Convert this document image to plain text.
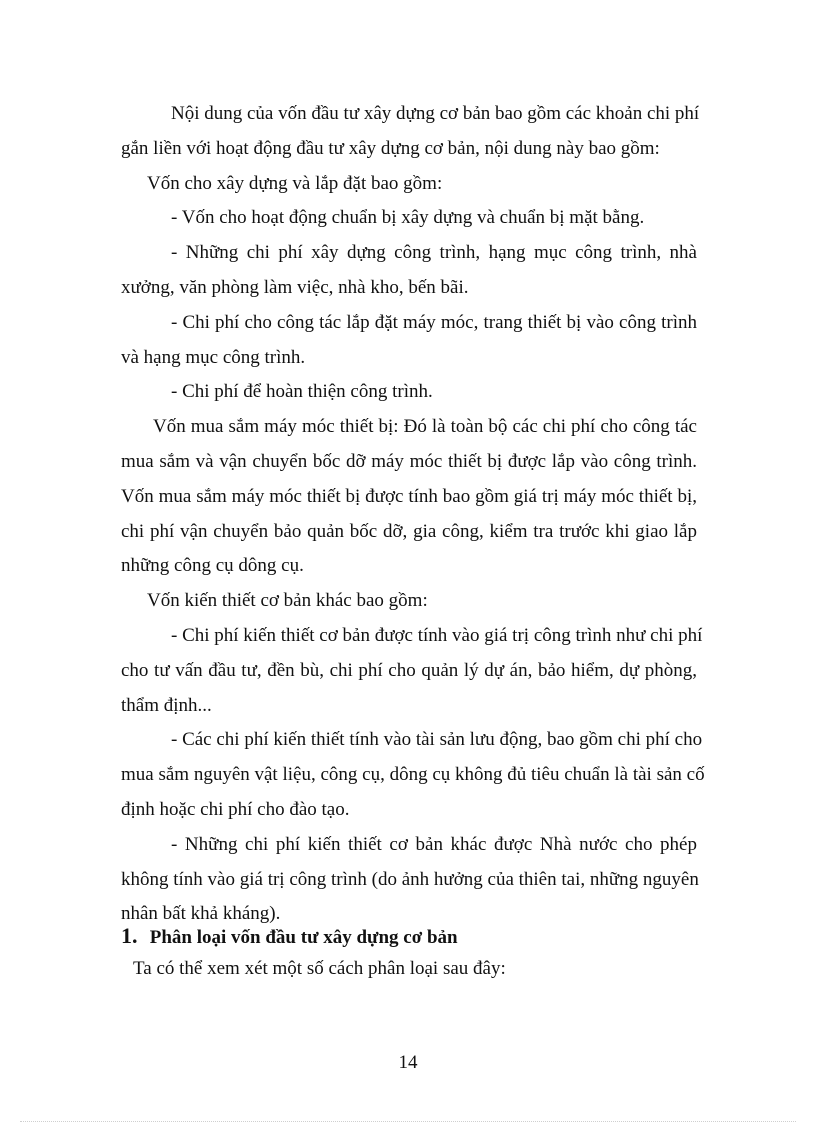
Nội dung của vốn đầu tư xây dựng cơ bản bao gồm các khoản chi phí
gắn liền với hoạt động đầu tư xây dựng cơ bản, nội dung này bao gồm:

Vốn cho xây dựng và lắp đặt bao gồm:

- Vốn cho hoạt động chuẩn bị xây dựng và chuẩn bị mặt bằng.

- Những chi phí xây dựng công trình, hạng mục công trình, nhà
xưởng, văn phòng làm việc, nhà kho, bến bãi.

- Chi phí cho công tác lắp đặt máy móc, trang thiết bị vào công trình
và hạng mục công trình.

- Chi phí để hoàn thiện công trình.

Vốn mua sắm máy móc thiết bị: Đó là toàn bộ các chi phí cho công tác
mua sắm và vận chuyển bốc dỡ máy móc thiết bị được lắp vào công trình.
Vốn mua sắm máy móc thiết bị được tính bao gồm giá trị máy móc thiết bị,
chi phí vận chuyển bảo quản bốc dỡ, gia công, kiểm tra trước khi giao lắp
những công cụ dông cụ.

Vốn kiến thiết cơ bản khác bao gồm:

- Chi phí kiến thiết cơ bản được tính vào giá trị công trình như chi phí
cho tư vấn đầu tư, đền bù, chi phí cho quản lý dự án, bảo hiểm, dự phòng,
thẩm định...

- Các chi phí kiến thiết tính vào tài sản lưu động, bao gồm chi phí cho
mua sắm nguyên vật liệu, công cụ, dông cụ không đủ tiêu chuẩn là tài sản cố
định hoặc chi phí cho đào tạo.

- Những chi phí kiến thiết cơ bản khác được Nhà nước cho phép
không tính vào giá trị công trình (do ảnh hưởng của thiên tai, những nguyên
nhân bất khả kháng).

1. Phân loại vốn đầu tư xây dựng cơ bản
Ta có thể xem xét một số cách phân loại sau đây:
14
